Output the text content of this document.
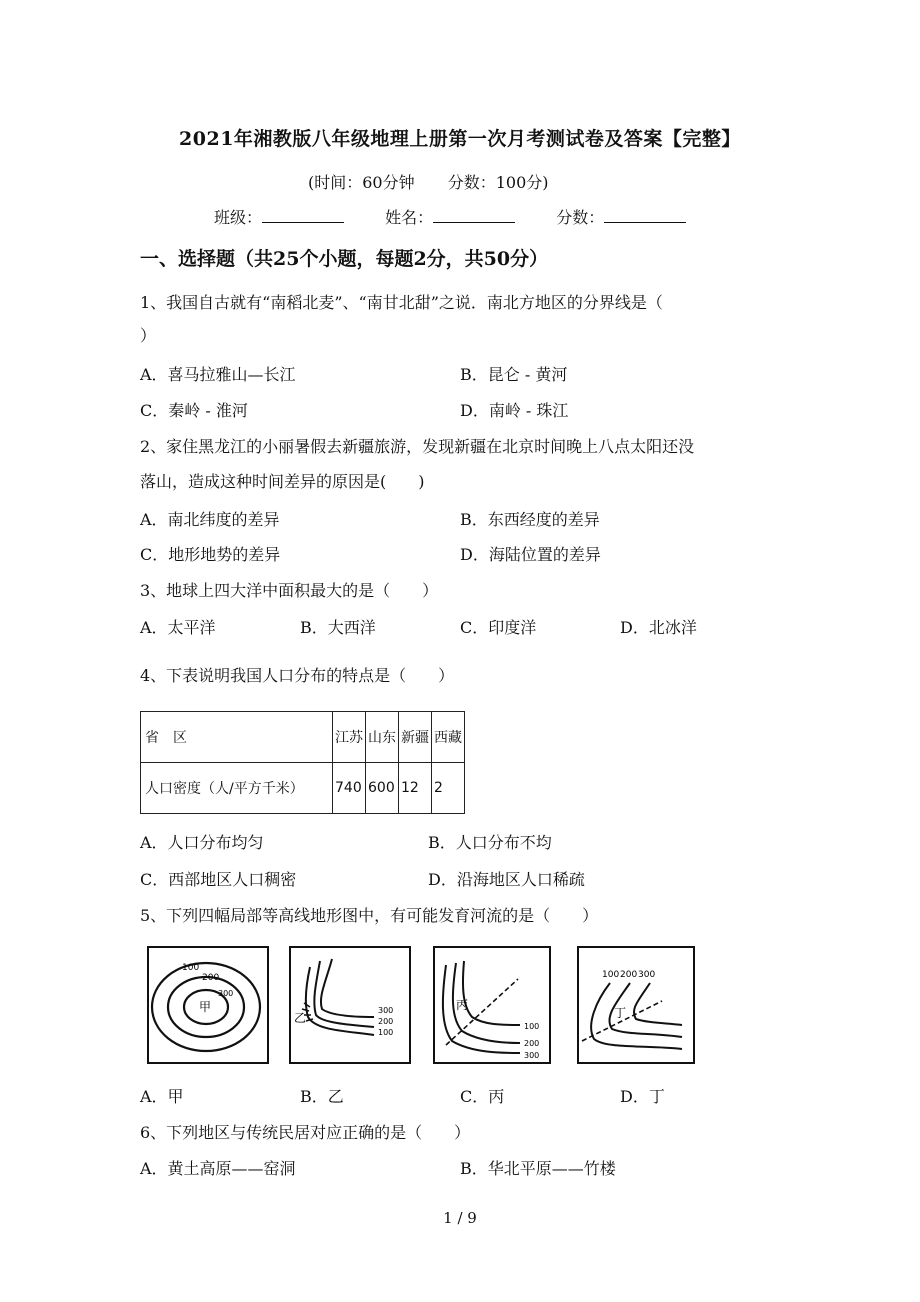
2021年湘教版八年级地理上册第一次月考测试卷及答案【完整】
(时间：60分钟 分数：100分)
班级：	姓名：	分数：
一、选择题（共25个小题，每题2分，共50分）
1、我国自古就有“南稻北麦”、“南甘北甜”之说．南北方地区的分界线是（
）
A．喜马拉雅山—长江	B．昆仑 - 黄河
C．秦岭 - 淮河	D．南岭 - 珠江
2、家住黑龙江的小丽暑假去新疆旅游，发现新疆在北京时间晚上八点太阳还没
落山，造成这种时间差异的原因是(　　)
A．南北纬度的差异	B．东西经度的差异
C．地形地势的差异	D．海陆位置的差异
3、地球上四大洋中面积最大的是（　　）
A．太平洋	B．大西洋	C．印度洋	D．北冰洋
4、下表说明我国人口分布的特点是（　　）
省　区	江苏	山东	新疆	西藏
人口密度（人/平方千米）	740	600	12	2
A．人口分布均匀	B．人口分布不均
C．西部地区人口稠密	D．沿海地区人口稀疏
5、下列四幅局部等高线地形图中，有可能发育河流的是（　　）
100
200
300
甲	300
200
100
乙
100
200
300
丙
100 200 300
丁
A．甲	B．乙	C．丙	D．丁
6、下列地区与传统民居对应正确的是（　　）
A．黄土高原——窑洞	B．华北平原——竹楼
1 / 9
